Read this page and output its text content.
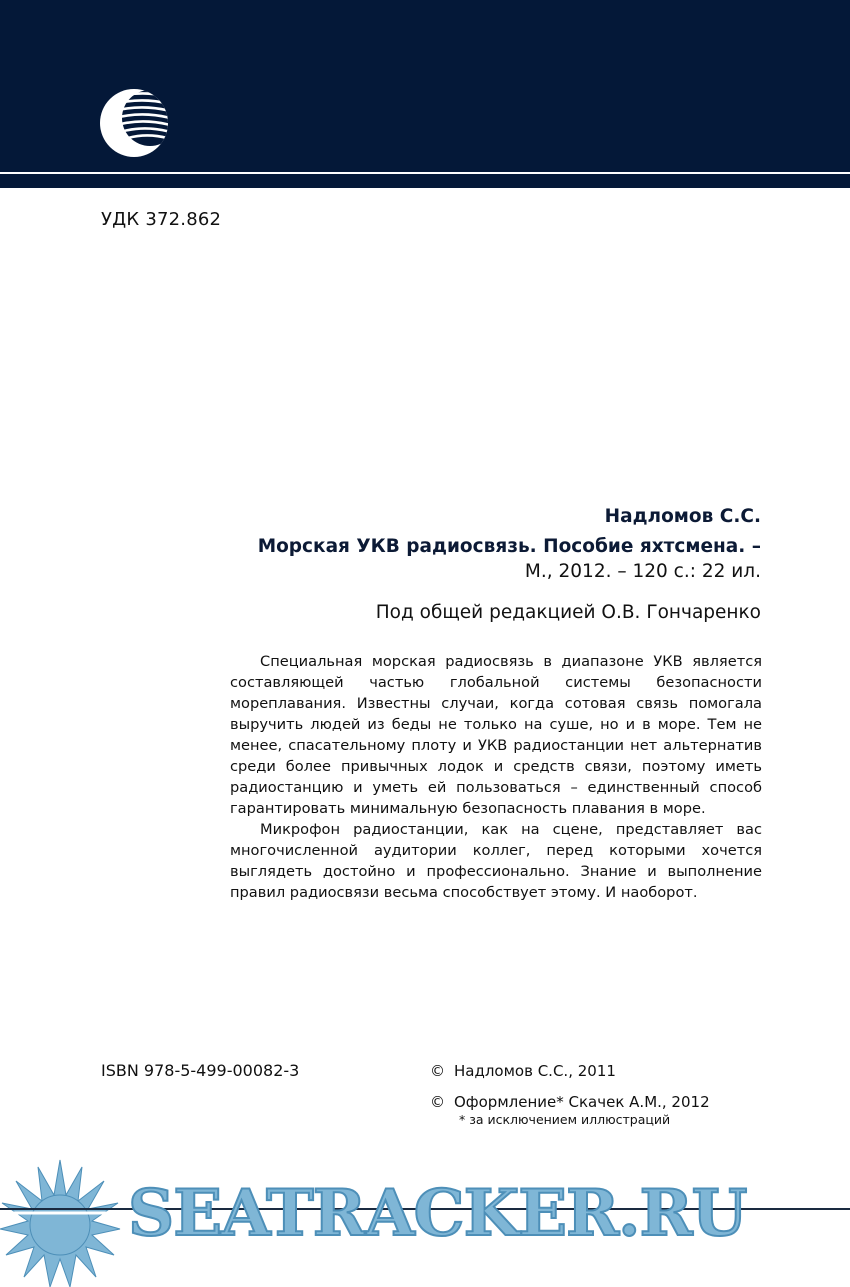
УДК 372.862
Надломов С.С.
Морская УКВ радиосвязь. Пособие яхтсмена. –
М., 2012. – 120 с.: 22 ил.
Под общей редакцией О.В. Гончаренко

Специальная морская радиосвязь в диапазоне УКВ является составляющей частью глобальной системы безопасности мореплавания. Известны случаи, когда сотовая связь помогала выручить людей из беды не только на суше, но и в море. Тем не менее, спасательному плоту и УКВ радиостанции нет альтернатив среди более привычных лодок и средств связи, поэтому иметь радиостанцию и уметь ей пользоваться – единственный способ гарантировать минимальную безопасность плавания в море.

Микрофон радиостанции, как на сцене, представляет вас многочисленной аудитории коллег, перед которыми хочется выглядеть достойно и профессионально. Знание и выполнение правил радиосвязи весьма способствует этому. И наоборот.

ISBN 978-5-499-00082-3	© Надломов С.С., 2011
© Оформление* Скачек А.М., 2012
* за исключением иллюстраций
SEATRACKER.RU
